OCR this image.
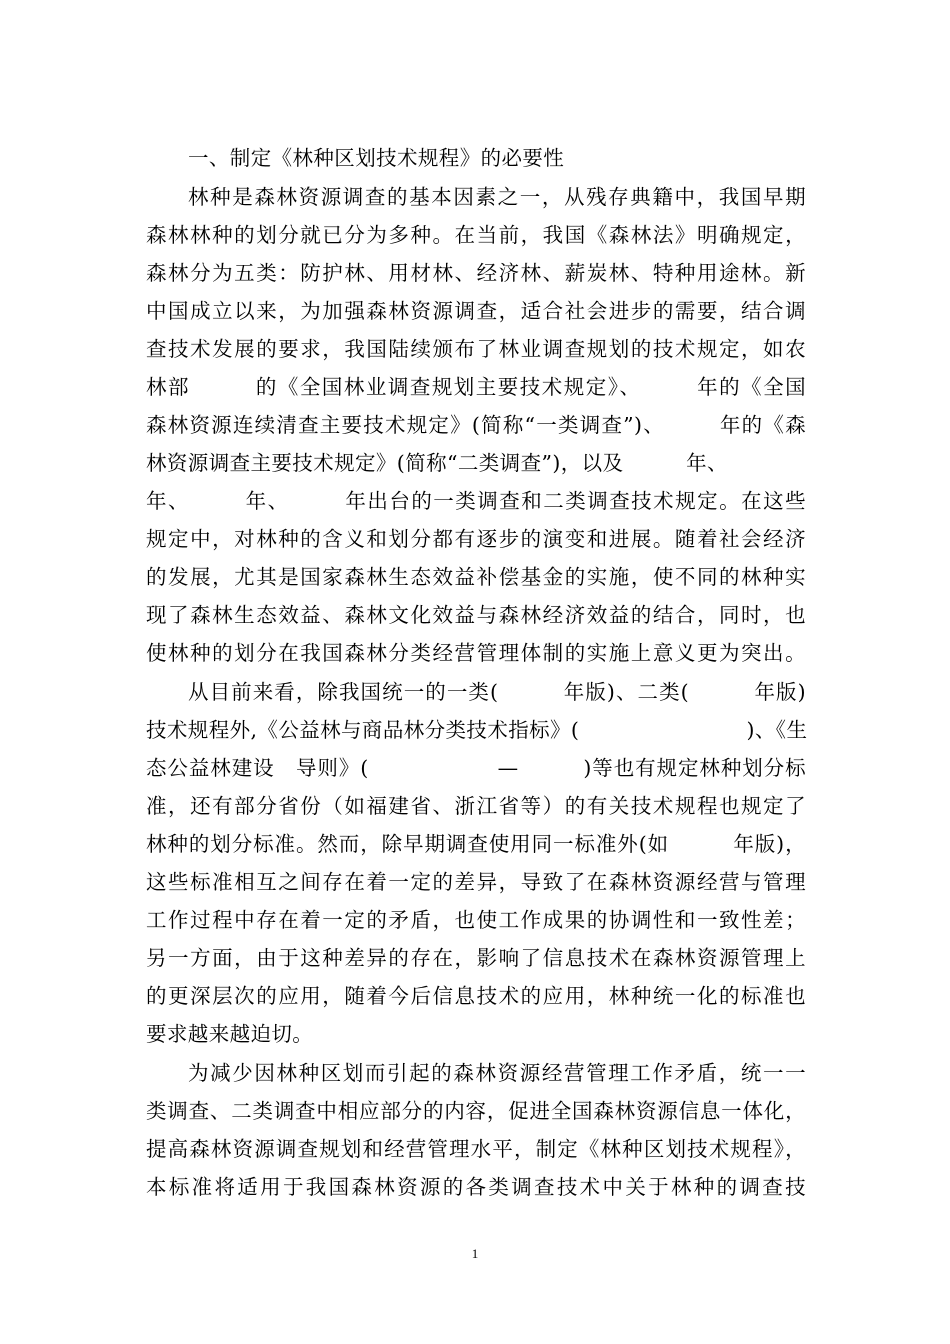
一、制定《林种区划技术规程》的必要性
林种是森林资源调查的基本因素之一，从残存典籍中，我国早期
森林林种的划分就已分为多种。在当前，我国《森林法》明确规定，
森林分为五类：防护林、用材林、经济林、薪炭林、特种用途林。新
中国成立以来，为加强森林资源调查，适合社会进步的需要，结合调
查技术发展的要求，我国陆续颁布了林业调查规划的技术规定，如农
林部　　　的《全国林业调查规划主要技术规定》、　　　年的《全国
森林资源连续清查主要技术规定》(简称“一类调查”)、　　　年的《森
林资源调查主要技术规定》(简称“二类调查”)，以及　　　年、
年、　　　年、　　　年出台的一类调查和二类调查技术规定。在这些
规定中，对林种的含义和划分都有逐步的演变和进展。随着社会经济
的发展，尤其是国家森林生态效益补偿基金的实施，使不同的林种实
现了森林生态效益、森林文化效益与森林经济效益的结合，同时，也
使林种的划分在我国森林分类经营管理体制的实施上意义更为突出。
从目前来看，除我国统一的一类(　　　年版)、二类(　　　年版)
技术规程外,《公益林与商品林分类技术指标》(　　　　　　　　)、《生
态公益林建设　导则》(　　　　　　—　　　)等也有规定林种划分标
准，还有部分省份（如福建省、浙江省等）的有关技术规程也规定了
林种的划分标准。然而，除早期调查使用同一标准外(如　　　年版)，
这些标准相互之间存在着一定的差异，导致了在森林资源经营与管理
工作过程中存在着一定的矛盾，也使工作成果的协调性和一致性差；
另一方面，由于这种差异的存在，影响了信息技术在森林资源管理上
的更深层次的应用，随着今后信息技术的应用，林种统一化的标准也
要求越来越迫切。
为减少因林种区划而引起的森林资源经营管理工作矛盾，统一一
类调查、二类调查中相应部分的内容，促进全国森林资源信息一体化，
提高森林资源调查规划和经营管理水平，制定《林种区划技术规程》，
本标准将适用于我国森林资源的各类调查技术中关于林种的调查技
1
